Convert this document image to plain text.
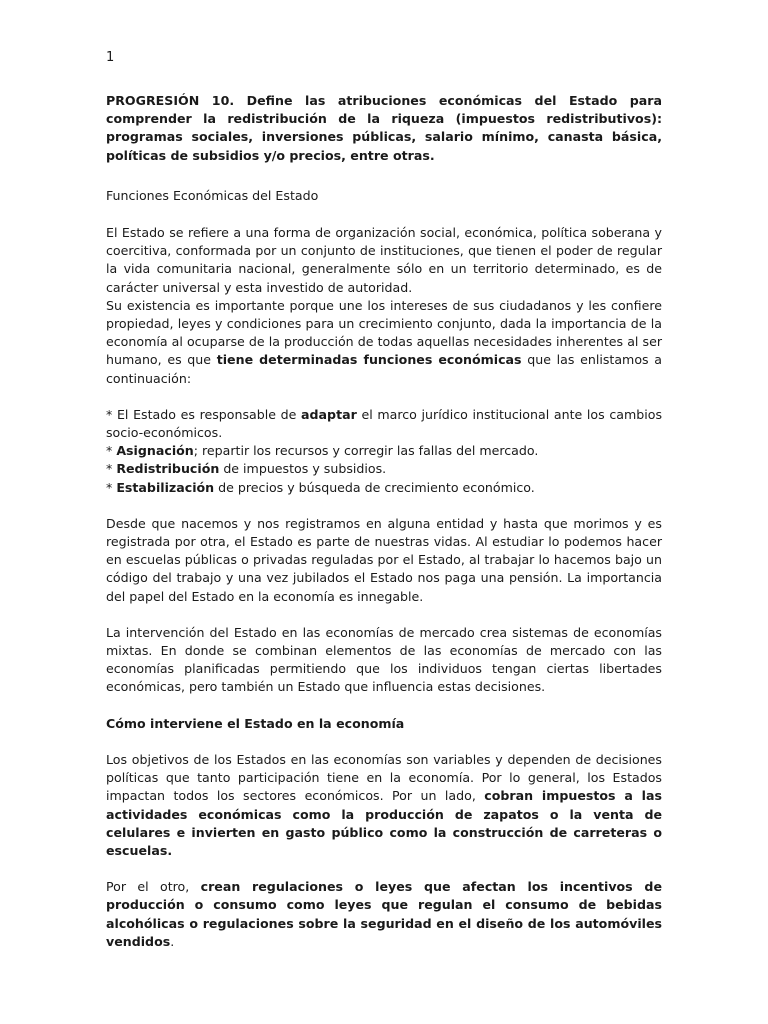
1

PROGRESIÓN 10. Define las atribuciones económicas del Estado para comprender la redistribución de la riqueza (impuestos redistributivos): programas sociales, inversiones públicas, salario mínimo, canasta básica, políticas de subsidios y/o precios, entre otras.

Funciones Económicas del Estado

El Estado se refiere a una forma de organización social, económica, política soberana y coercitiva, conformada por un conjunto de instituciones, que tienen el poder de regular la vida comunitaria nacional, generalmente sólo en un territorio determinado, es de carácter universal y esta investido de autoridad.

Su existencia es importante porque une los intereses de sus ciudadanos y les confiere propiedad, leyes y condiciones para un crecimiento conjunto, dada la importancia de la economía al ocuparse de la producción de todas aquellas necesidades inherentes al ser humano, es que tiene determinadas funciones económicas que las enlistamos a continuación:

* El Estado es responsable de adaptar el marco jurídico institucional ante los cambios socio-económicos.

* Asignación; repartir los recursos y corregir las fallas del mercado.

* Redistribución de impuestos y subsidios.

* Estabilización de precios y búsqueda de crecimiento económico.

Desde que nacemos y nos registramos en alguna entidad y hasta que morimos y es registrada por otra, el Estado es parte de nuestras vidas. Al estudiar lo podemos hacer en escuelas públicas o privadas reguladas por el Estado, al trabajar lo hacemos bajo un código del trabajo y una vez jubilados el Estado nos paga una pensión. La importancia del papel del Estado en la economía es innegable.

La intervención del Estado en las economías de mercado crea sistemas de economías mixtas. En donde se combinan elementos de las economías de mercado con las economías planificadas permitiendo que los individuos tengan ciertas libertades económicas, pero también un Estado que influencia estas decisiones.

Cómo interviene el Estado en la economía

Los objetivos de los Estados en las economías son variables y dependen de decisiones políticas que tanto participación tiene en la economía. Por lo general, los Estados impactan todos los sectores económicos. Por un lado, cobran impuestos a las actividades económicas como la producción de zapatos o la venta de celulares e invierten en gasto público como la construcción de carreteras o escuelas.

Por el otro, crean regulaciones o leyes que afectan los incentivos de producción o consumo como leyes que regulan el consumo de bebidas alcohólicas o regulaciones sobre la seguridad en el diseño de los automóviles vendidos.
